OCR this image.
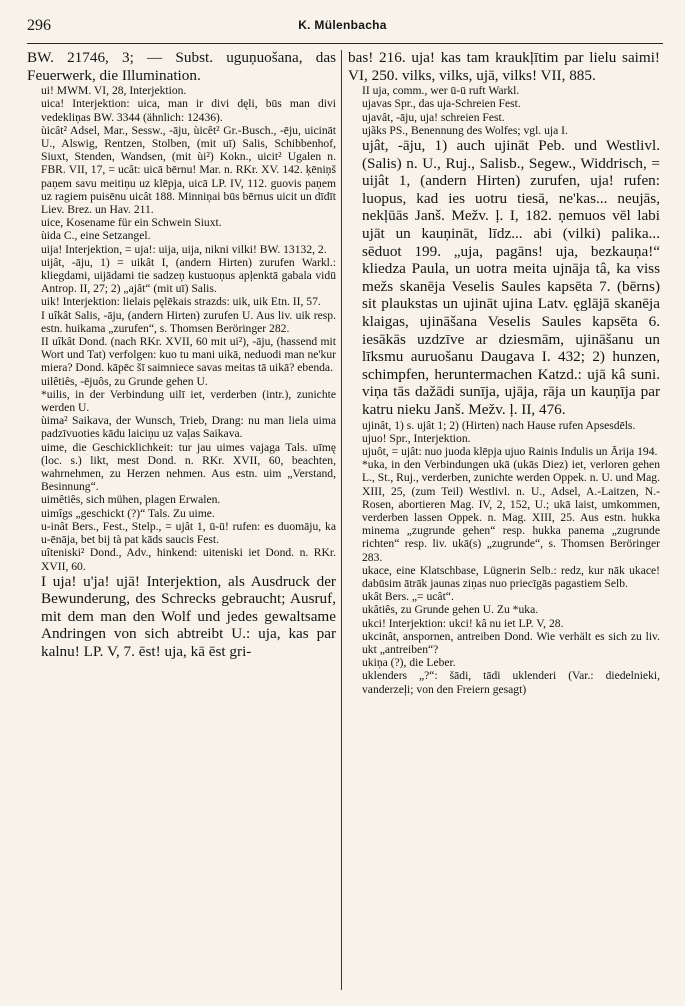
296	K. Mülenbacha

BW. 21746, 3; — Subst. uguņuošana, das Feuerwerk, die Illumination.

ui! MWM. VI, 28, Interjektion.

uica! Interjektion: uica, man ir divi dęli, būs man divi vedekliņas BW. 3344 (ähnlich: 12436).

ùicât² Adsel, Mar., Sessw., -āju, ùicêt² Gr.-Busch., -ēju, uicināt U., Alswig, Rentzen, Stolben, (mit uī) Salis, Schibbenhof, Siuxt, Stenden, Wandsen, (mit ùi²) Kokn., uicit² Ugalen n. FBR. VII, 17, = ucât: uicā bērnu! Mar. n. RKr. XV. 142. ķēniņš paņem savu meitiņu uz klēpja, uicā LP. IV, 112. guovis paņem uz ragiem puisēnu uicât 188. Minniņai būs bērnus uicit un dīdīt Liev. Brez. un Hav. 211.

uice, Kosename für ein Schwein Siuxt.

ùida C., eine Setzangel.

uija! Interjektion, = uja!: uija, uija, nikni vilki! BW. 13132, 2.

uijât, -āju, 1) = uikât I, (andern Hirten) zurufen Warkl.: kliegdami, uijādami tie sadzeņ kustuoņus apļenktā gabala vidū Antrop. II, 27; 2) „ajât“ (mit uī) Salis.

uik! Interjektion: lielais pęlēkais strazds: uik, uik Etn. II, 57.

I uîkât Salis, -āju, (andern Hirten) zurufen U. Aus liv. uik resp. estn. huikama „zurufen“, s. Thomsen Beröringer 282.

II uîkât Dond. (nach RKr. XVII, 60 mit ui²), -āju, (hassend mit Wort und Tat) verfolgen: kuo tu mani uikā, neduodi man ne'kur miera? Dond. kāpēc šī saimniece savas meitas tā uikā? ebenda.

uilêtiês, -ējuôs, zu Grunde gehen U.

*uilis, in der Verbindung uilī iet, verderben (intr.), zunichte werden U.

ùima² Saikava, der Wunsch, Trieb, Drang: nu man liela uima padzīvuoties kādu laiciņu uz vaļas Saikava.

uime, die Geschicklichkeit: tur jau uimes vajaga Tals. uīmę (loc. s.) likt, mest Dond. n. RKr. XVII, 60, beachten, wahrnehmen, zu Herzen nehmen. Aus estn. uim „Verstand, Besinnung“.

uimêtiês, sich mühen, plagen Erwalen.

uimîgs „geschickt (?)“ Tals. Zu uime.

u-inât Bers., Fest., Stelp., = ujât 1, ū-ū! rufen: es duomāju, ka u-ēnāja, bet bij tà pat kāds saucis Fest.

uîteniski² Dond., Adv., hinkend: uiteniski iet Dond. n. RKr. XVII, 60.

I uja! u'ja! ujā! Interjektion, als Ausdruck der Bewunderung, des Schrecks gebraucht; Ausruf, mit dem man den Wolf und jedes gewaltsame Andringen von sich abtreibt U.: uja, kas par kalnu! LP. V, 7. ēst! uja, kā ēst gri-

bas! 216. uja! kas tam kraukļītim par lielu saimi! VI, 250. vilks, vilks, ujā, vilks! VII, 885.

II uja, comm., wer ū-ū ruft Warkl.

ujavas Spr., das uja-Schreien Fest.

ujavât, -āju, uja! schreien Fest.

ujãks PS., Benennung des Wolfes; vgl. uja I.

ujât, -āju, 1) auch ujināt Peb. und Westlivl. (Salis) n. U., Ruj., Salisb., Segew., Widdrisch, = uijât 1, (andern Hirten) zurufen, uja! rufen: luopus, kad ies uotru tiesā, ne'kas... neujās, nekļūās Janš. Mežv. ļ. I, 182. ņemuos vēl labi ujāt un kauņināt, līdz... abi (vilki) palika... sēduot 199. „uja, pagāns! uja, bezkauņa!“ kliedza Paula, un uotra meita ujnāja tâ, ka viss mežs skanēja Veselis Saules kapsēta 7. (bērns) sit plaukstas un ujināt ujina Latv. ęglājā skanēja klaigas, ujināšana Veselis Saules kapsēta 6. iesākās uzdzīve ar dziesmām, ujināšanu un līksmu auruošanu Daugava I. 432; 2) hunzen, schimpfen, heruntermachen Katzd.: ujā kâ suni. viņa tās dažādi sunīja, ujāja, rāja un kauņīja par katru nieku Janš. Mežv. ļ. II, 476.

ujinât, 1) s. ujât 1; 2) (Hirten) nach Hause rufen Apsesdēls.

ujuo! Spr., Interjektion.

ujuôt, = ujât: nuo juoda klēpja ujuo Rainis Indulis un Ārija 194.

*uka, in den Verbindungen ukā (ukās Diez) iet, verloren gehen L., St., Ruj., verderben, zunichte werden Oppek. n. U. und Mag. XIII, 25, (zum Teil) Westlivl. n. U., Adsel, A.-Laitzen, N.-Rosen, abortieren Mag. IV, 2, 152, U.; ukā laist, umkommen, verderben lassen Oppek. n. Mag. XIII, 25. Aus estn. hukka minema „zugrunde gehen“ resp. hukka panema „zugrunde richten“ resp. liv. ukā(s) „zugrunde“, s. Thomsen Beröringer 283.

ukace, eine Klatschbase, Lügnerin Selb.: redz, kur nāk ukace! dabūsim ātrāk jaunas ziņas nuo priecīgās pagastiem Selb.

ukât Bers. „= ucât“.

ukâtiês, zu Grunde gehen U. Zu *uka.

ukci! Interjektion: ukci! kâ nu iet LP. V, 28.

ukcinât, anspornen, antreiben Dond. Wie verhält es sich zu liv. ukt „antreiben“?

ukiņa (?), die Leber.

uklenders „?“: šādi, tādi uklenderi (Var.: diedelnieki, vanderzeļi; von den Freiern gesagt)
